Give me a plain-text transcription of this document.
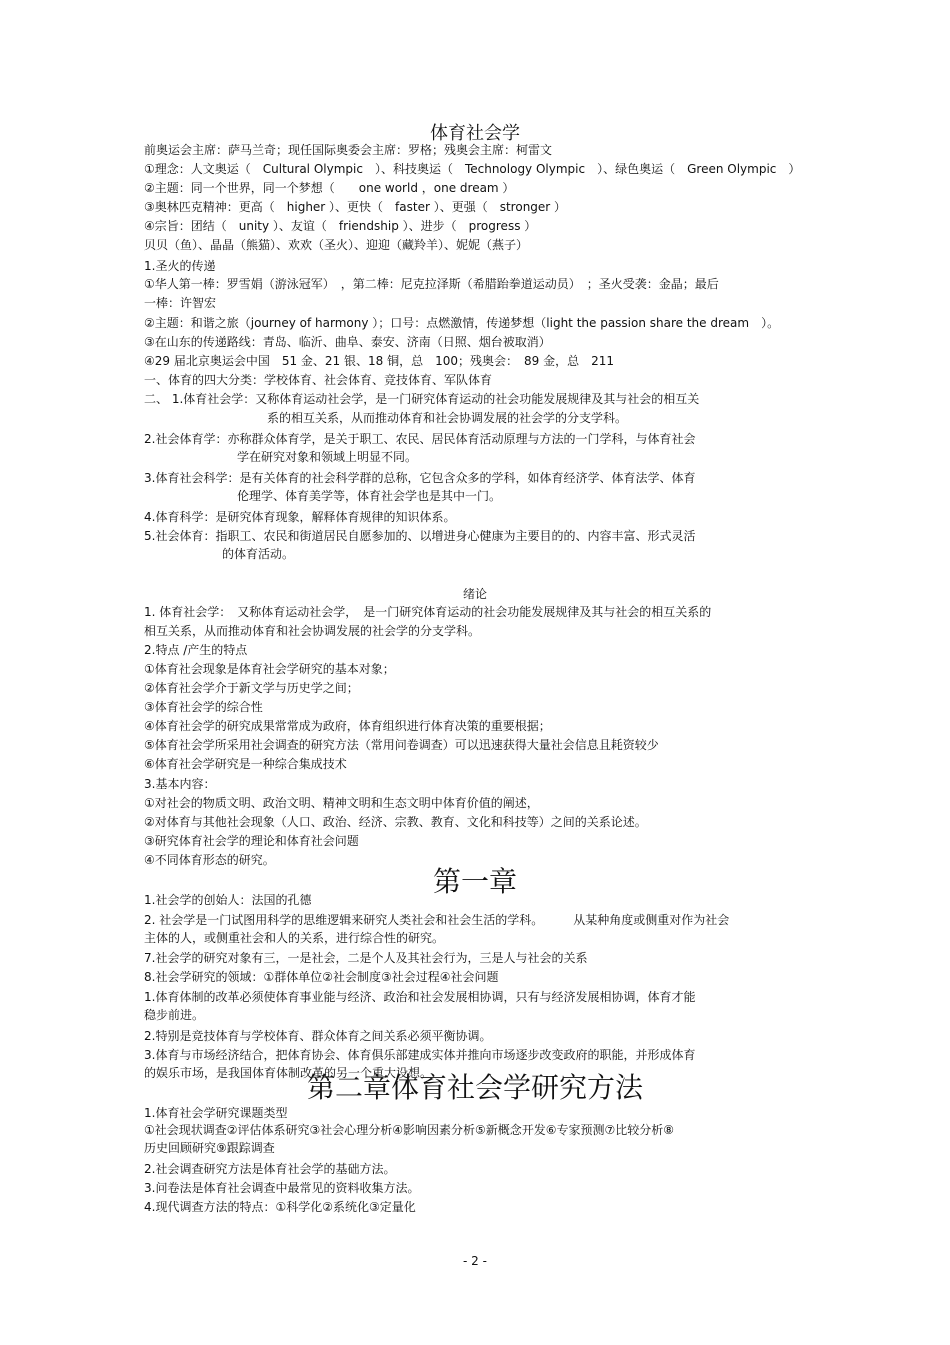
体育社会学
前奥运会主席：萨马兰奇；现任国际奥委会主席：罗格；残奥会主席：柯雷文
①理念：人文奥运（　Cultural Olympic　）、科技奥运（　Technology Olympic　）、绿色奥运（　Green Olympic　）
②主题：同一个世界，同一个梦想（　　one world ，one dream ）
③奥林匹克精神：更高（　higher ）、更快（　faster ）、更强（　stronger ）
④宗旨：团结（　unity ）、友谊（　friendship ）、进步（　progress ）
贝贝（鱼）、晶晶（熊猫）、欢欢（圣火）、迎迎（藏羚羊）、妮妮（燕子）
1.圣火的传递
①华人第一棒：罗雪娟（游泳冠军）　，第二棒：尼克拉泽斯（希腊跆拳道运动员）　；圣火受袭：金晶；最后
一棒：许智宏
②主题：和谐之旅（journey of harmony ）；口号：点燃激情，传递梦想（light the passion share the dream　）。
③在山东的传递路线：青岛、临沂、曲阜、泰安、济南（日照、烟台被取消）
④29 届北京奥运会中国　51 金、21 银、18 铜，总　100；残奥会：　89 金，总　211
一、体育的四大分类：学校体育、社会体育、竞技体育、军队体育
二、 1.体育社会学：又称体育运动社会学，是一门研究体育运动的社会功能发展规律及其与社会的相互关
系的相互关系，从而推动体育和社会协调发展的社会学的分支学科。
2.社会体育学：亦称群众体育学，是关于职工、农民、居民体育活动原理与方法的一门学科，与体育社会
学在研究对象和领域上明显不同。
3.体育社会科学：是有关体育的社会科学群的总称，它包含众多的学科，如体育经济学、体育法学、体育
伦理学、体育美学等，体育社会学也是其中一门。
4.体育科学：是研究体育现象，解释体育规律的知识体系。
5.社会体育：指职工、农民和街道居民自愿参加的、以增进身心健康为主要目的的、内容丰富、形式灵活
的体育活动。
绪论
1. 体育社会学：　又称体育运动社会学，　是一门研究体育运动的社会功能发展规律及其与社会的相互关系的
相互关系，从而推动体育和社会协调发展的社会学的分支学科。
2.特点 /产生的特点
①体育社会现象是体育社会学研究的基本对象；
②体育社会学介于新文学与历史学之间；
③体育社会学的综合性
④体育社会学的研究成果常常成为政府，体育组织进行体育决策的重要根据；
⑤体育社会学所采用社会调查的研究方法（常用问卷调查）可以迅速获得大量社会信息且耗资较少
⑥体育社会学研究是一种综合集成技术
3.基本内容：
①对社会的物质文明、政治文明、精神文明和生态文明中体育价值的阐述，
②对体育与其他社会现象（人口、政治、经济、宗教、教育、文化和科技等）之间的关系论述。
③研究体育社会学的理论和体育社会问题
④不同体育形态的研究。
第一章
1.社会学的创始人：法国的孔德
2. 社会学是一门试图用科学的思维逻辑来研究人类社会和社会生活的学科。　　　从某种角度或侧重对作为社会
主体的人，或侧重社会和人的关系，进行综合性的研究。
7.社会学的研究对象有三，一是社会，二是个人及其社会行为，三是人与社会的关系
8.社会学研究的领域：①群体单位②社会制度③社会过程④社会问题
1.体育体制的改革必须使体育事业能与经济、政治和社会发展相协调，只有与经济发展相协调，体育才能
稳步前进。
2.特别是竞技体育与学校体育、群众体育之间关系必须平衡协调。
3.体育与市场经济结合，把体育协会、体育俱乐部建成实体并推向市场逐步改变政府的职能，并形成体育
的娱乐市场，是我国体育体制改革的另一个重大设想。
第二章体育社会学研究方法
1.体育社会学研究课题类型
①社会现状调查②评估体系研究③社会心理分析④影响因素分析⑤新概念开发⑥专家预测⑦比较分析⑧
历史回顾研究⑨跟踪调查
2.社会调查研究方法是体育社会学的基础方法。
3.问卷法是体育社会调查中最常见的资料收集方法。
4.现代调查方法的特点：①科学化②系统化③定量化
- 2 -
